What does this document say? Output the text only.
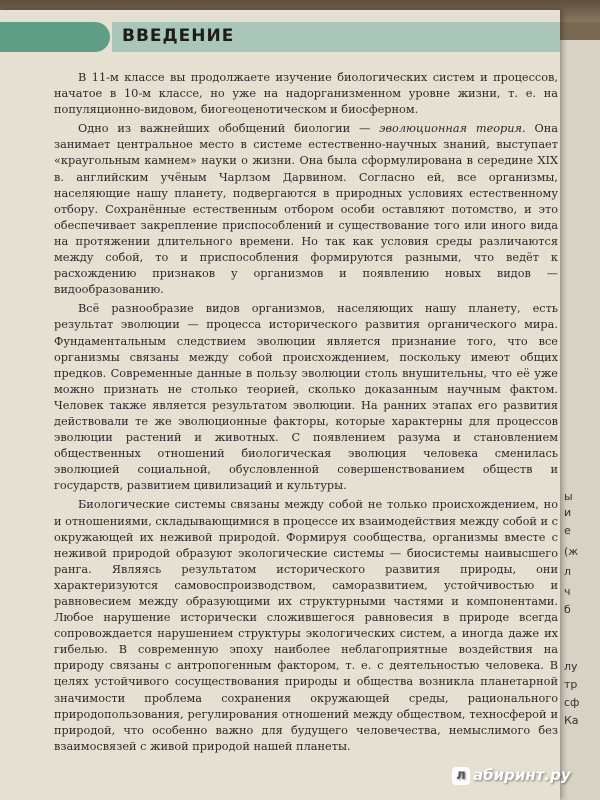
ы
и
е
(ж
л
ч
б
лу
тр
сф
Ка
ВВЕДЕНИЕ

В 11-м классе вы продолжаете изучение биологических систем и процессов, начатое в 10-м классе, но уже на надорганизменном уровне жизни, т. е. на популяционно-видовом, биогеоценотическом и биосферном.

Одно из важнейших обобщений биологии — эволюционная теория. Она занимает центральное место в системе естественно-научных знаний, выступает «краугольным камнем» науки о жизни. Она была сформулирована в середине XIX в. английским учёным Чарлзом Дарвином. Согласно ей, все организмы, населяющие нашу планету, подвергаются в природных условиях естественному отбору. Сохранённые естественным отбором особи оставляют потомство, и это обеспечивает закрепление приспособлений и существование того или иного вида на протяжении длительного времени. Но так как условия среды различаются между собой, то и приспособления формируются разными, что ведёт к расхождению признаков у организмов и появлению новых видов — видообразованию.

Всё разнообразие видов организмов, населяющих нашу планету, есть результат эволюции — процесса исторического развития органического мира. Фундаментальным следствием эволюции является признание того, что все организмы связаны между собой происхождением, поскольку имеют общих предков. Современные данные в пользу эволюции столь внушительны, что её уже можно признать не столько теорией, сколько доказанным научным фактом. Человек также является результатом эволюции. На ранних этапах его развития действовали те же эволюционные факторы, которые характерны для процессов эволюции растений и животных. С появлением разума и становлением общественных отношений биологическая эволюция человека сменилась эволюцией социальной, обусловленной совершенствованием обществ и государств, развитием цивилизаций и культуры.

Биологические системы связаны между собой не только происхождением, но и отношениями, складывающимися в процессе их взаимодействия между собой и с окружающей их неживой природой. Формируя сообщества, организмы вместе с неживой природой образуют экологические системы — биосистемы наивысшего ранга. Являясь результатом исторического развития природы, они характеризуются самовоспроизводством, саморазвитием, устойчивостью и равновесием между образующими их структурными частями и компонентами. Любое нарушение исторически сложившегося равновесия в природе всегда сопровождается нарушением структуры экологических систем, а иногда даже их гибелью. В современную эпоху наиболее неблагоприятные воздействия на природу связаны с антропогенным фактором, т. е. с деятельностью человека. В целях устойчивого сосуществования природы и общества возникла планетарной значимости проблема сохранения окружающей среды, рационального природопользования, регулирования отношений между обществом, техносферой и природой, что особенно важно для будущего человечества, немыслимого без взаимосвязей с живой природой нашей планеты.

л абиринт.ру
